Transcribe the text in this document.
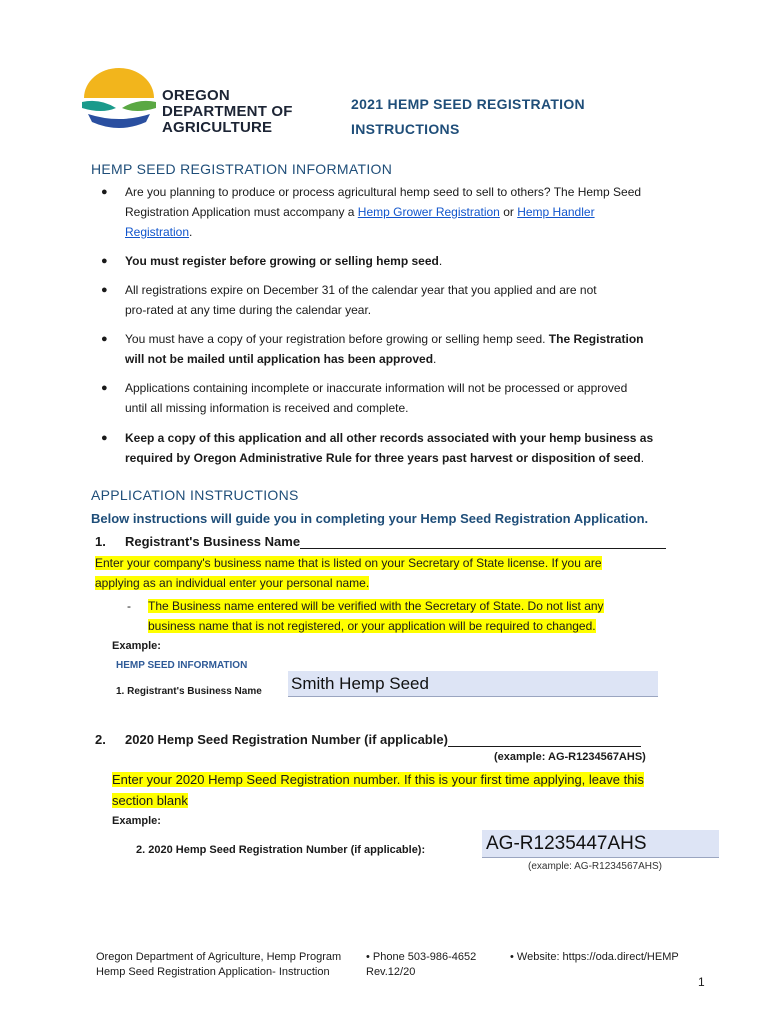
OREGON
DEPARTMENT OF
AGRICULTURE
2021 HEMP SEED REGISTRATION
INSTRUCTIONS
HEMP SEED REGISTRATION INFORMATION
● Are you planning to produce or process agricultural hemp seed to sell to others? The Hemp Seed
Registration Application must accompany a Hemp Grower Registration or Hemp Handler
Registration.
● You must register before growing or selling hemp seed.
● All registrations expire on December 31 of the calendar year that you applied and are not
pro-rated at any time during the calendar year.
● You must have a copy of your registration before growing or selling hemp seed. The Registration
will not be mailed until application has been approved.
● Applications containing incomplete or inaccurate information will not be processed or approved
until all missing information is received and complete.
● Keep a copy of this application and all other records associated with your hemp business as
required by Oregon Administrative Rule for three years past harvest or disposition of seed.
APPLICATION INSTRUCTIONS
Below instructions will guide you in completing your Hemp Seed Registration Application.
1. Registrant's Business Name
Enter your company's business name that is listed on your Secretary of State license. If you are
applying as an individual enter your personal name.
- The Business name entered will be verified with the Secretary of State. Do not list any
business name that is not registered, or your application will be required to changed.
Example:
HEMP SEED INFORMATION
1. Registrant's Business Name Smith Hemp Seed
2. 2020 Hemp Seed Registration Number (if applicable)
(example: AG-R1234567AHS)
Enter your 2020 Hemp Seed Registration number. If this is your first time applying, leave this
section blank
Example:
2. 2020 Hemp Seed Registration Number (if applicable):	AG-R1235447AHS
(example: AG-R1234567AHS)
Oregon Department of Agriculture, Hemp Program
Hemp Seed Registration Application- Instruction
• Phone 503-986-4652
Rev.12/20
• Website: https://oda.direct/HEMP
1
